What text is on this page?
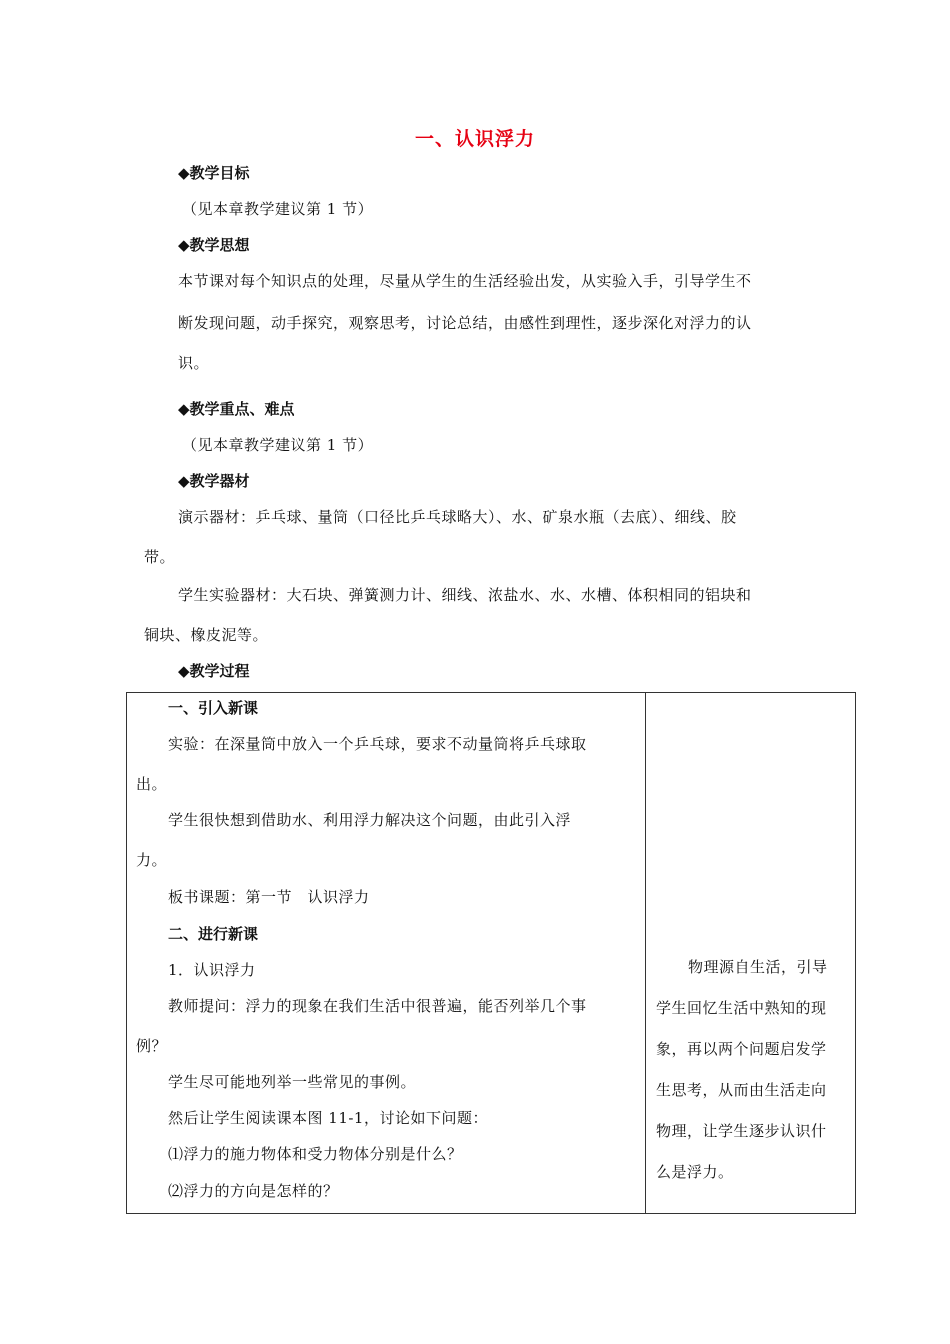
一、认识浮力
◆教学目标
（见本章教学建议第 1 节）
◆教学思想
本节课对每个知识点的处理，尽量从学生的生活经验出发，从实验入手，引导学生不
断发现问题，动手探究，观察思考，讨论总结，由感性到理性，逐步深化对浮力的认
识。
◆教学重点、难点
（见本章教学建议第 1 节）
◆教学器材
演示器材：乒乓球、量筒（口径比乒乓球略大）、水、矿泉水瓶（去底）、细线、胶
带。
学生实验器材：大石块、弹簧测力计、细线、浓盐水、水、水槽、体积相同的铝块和
铜块、橡皮泥等。
◆教学过程
一、引入新课
实验：在深量筒中放入一个乒乓球，要求不动量筒将乒乓球取
出。
学生很快想到借助水、利用浮力解决这个问题，由此引入浮
力。
板书课题：第一节　认识浮力
二、进行新课
1．认识浮力
教师提问：浮力的现象在我们生活中很普遍，能否列举几个事
例？
学生尽可能地列举一些常见的事例。
然后让学生阅读课本图 11-1，讨论如下问题：
⑴浮力的施力物体和受力物体分别是什么？
⑵浮力的方向是怎样的？
物理源自生活，引导
学生回忆生活中熟知的现
象，再以两个问题启发学
生思考，从而由生活走向
物理，让学生逐步认识什
么是浮力。
